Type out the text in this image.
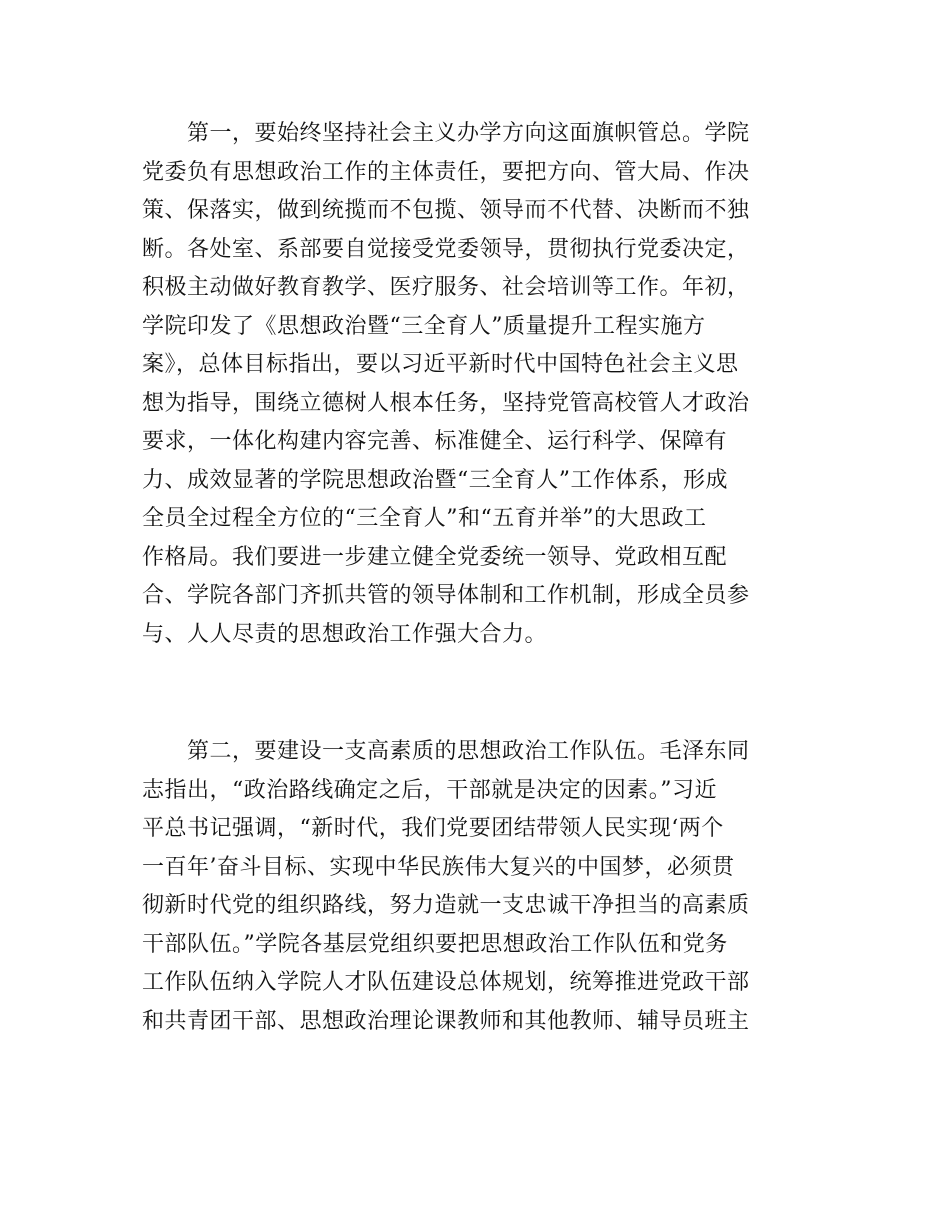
　　第一，要始终坚持社会主义办学方向这面旗帜管总。学院
党委负有思想政治工作的主体责任，要把方向、管大局、作决
策、保落实，做到统揽而不包揽、领导而不代替、决断而不独
断。各处室、系部要自觉接受党委领导，贯彻执行党委决定，
积极主动做好教育教学、医疗服务、社会培训等工作。年初，
学院印发了《思想政治暨“三全育人”质量提升工程实施方
案》，总体目标指出，要以习近平新时代中国特色社会主义思
想为指导，围绕立德树人根本任务，坚持党管高校管人才政治
要求，一体化构建内容完善、标准健全、运行科学、保障有
力、成效显著的学院思想政治暨“三全育人”工作体系，形成
全员全过程全方位的“三全育人”和“五育并举”的大思政工
作格局。我们要进一步建立健全党委统一领导、党政相互配
合、学院各部门齐抓共管的领导体制和工作机制，形成全员参
与、人人尽责的思想政治工作强大合力。

　　第二，要建设一支高素质的思想政治工作队伍。毛泽东同
志指出，“政治路线确定之后，干部就是决定的因素。”习近
平总书记强调，“新时代，我们党要团结带领人民实现‘两个
一百年’奋斗目标、实现中华民族伟大复兴的中国梦，必须贯
彻新时代党的组织路线，努力造就一支忠诚干净担当的高素质
干部队伍。”学院各基层党组织要把思想政治工作队伍和党务
工作队伍纳入学院人才队伍建设总体规划，统筹推进党政干部
和共青团干部、思想政治理论课教师和其他教师、辅导员班主
